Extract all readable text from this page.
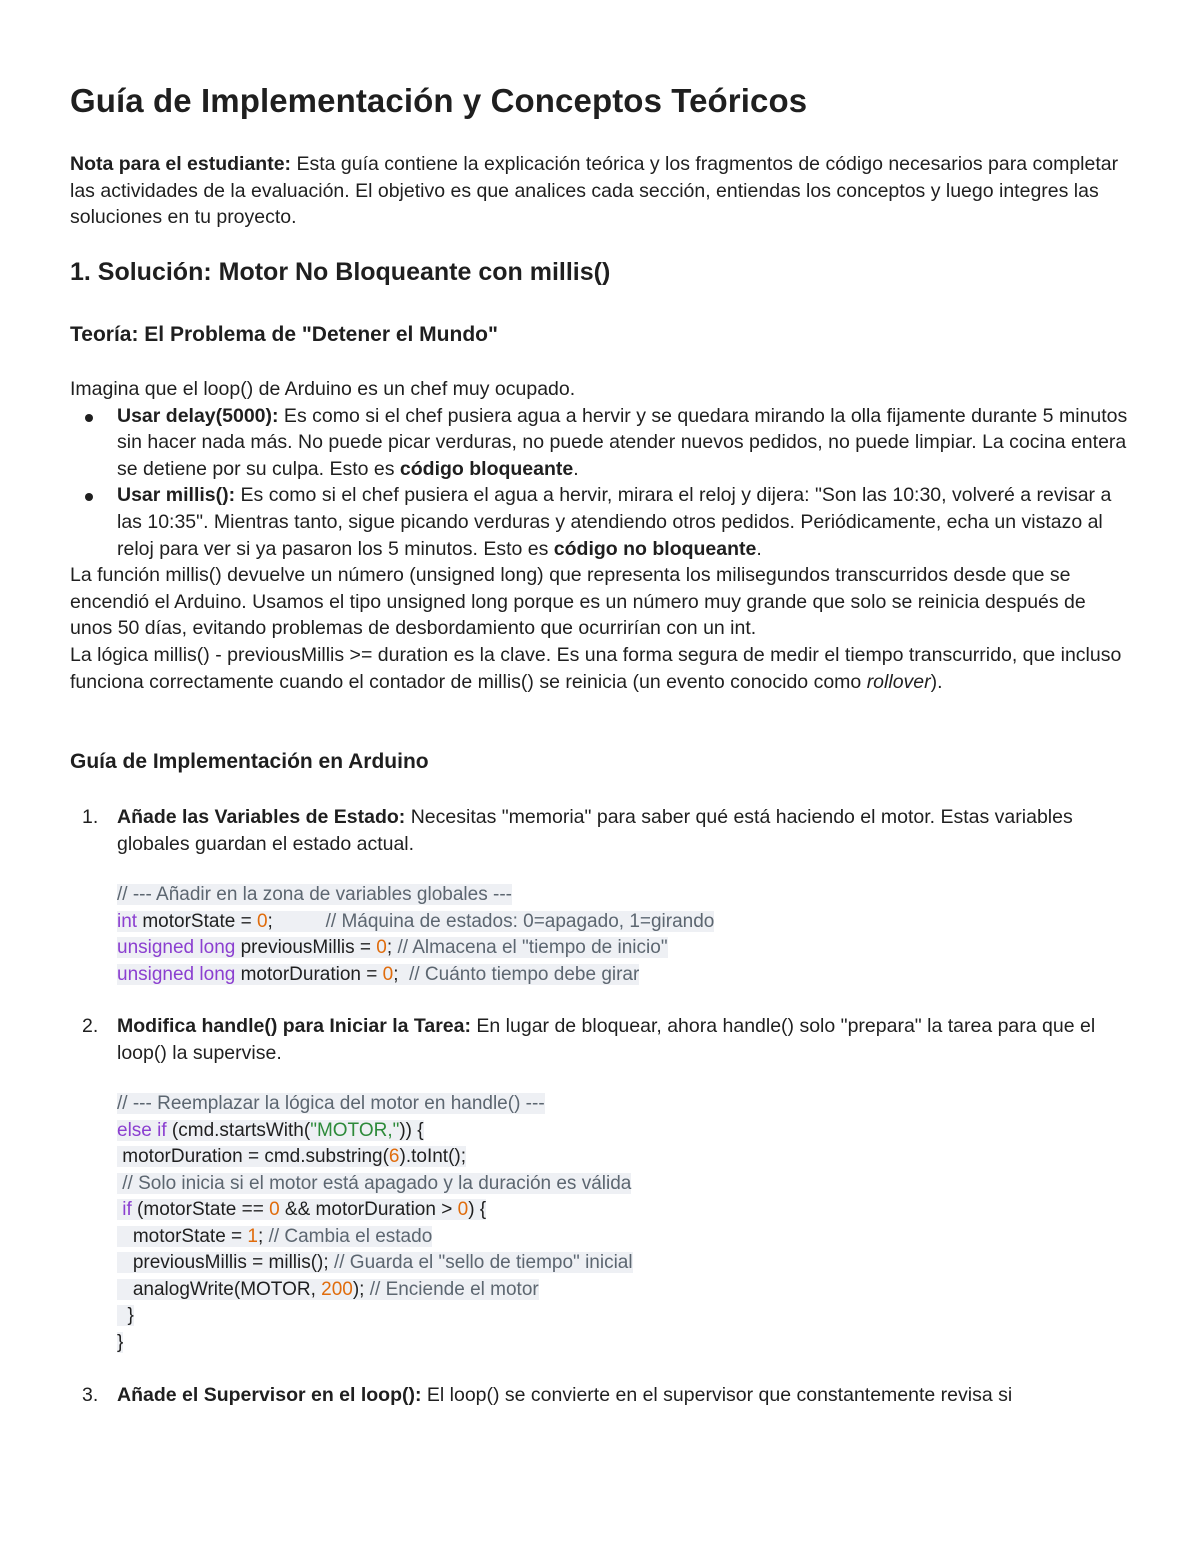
Guía de Implementación y Conceptos Teóricos

Nota para el estudiante: Esta guía contiene la explicación teórica y los fragmentos de código necesarios para completar las actividades de la evaluación. El objetivo es que analices cada sección, entiendas los conceptos y luego integres las soluciones en tu proyecto.

1. Solución: Motor No Bloqueante con millis()
Teoría: El Problema de "Detener el Mundo"

Imagina que el loop() de Arduino es un chef muy ocupado.

Usar delay(5000): Es como si el chef pusiera agua a hervir y se quedara mirando la olla fijamente durante 5 minutos sin hacer nada más. No puede picar verduras, no puede atender nuevos pedidos, no puede limpiar. La cocina entera se detiene por su culpa. Esto es código bloqueante.
Usar millis(): Es como si el chef pusiera el agua a hervir, mirara el reloj y dijera: "Son las 10:30, volveré a revisar a las 10:35". Mientras tanto, sigue picando verduras y atendiendo otros pedidos. Periódicamente, echa un vistazo al reloj para ver si ya pasaron los 5 minutos. Esto es código no bloqueante.

La función millis() devuelve un número (unsigned long) que representa los milisegundos transcurridos desde que se encendió el Arduino. Usamos el tipo unsigned long porque es un número muy grande que solo se reinicia después de unos 50 días, evitando problemas de desbordamiento que ocurrirían con un int.

La lógica millis() - previousMillis >= duration es la clave. Es una forma segura de medir el tiempo transcurrido, que incluso funciona correctamente cuando el contador de millis() se reinicia (un evento conocido como rollover).

Guía de Implementación en Arduino
1. Añade las Variables de Estado: Necesitas "memoria" para saber qué está haciendo el motor. Estas variables globales guardan el estado actual.

// --- Añadir en la zona de variables globales ---
int motorState = 0;          // Máquina de estados: 0=apagado, 1=girando
unsigned long previousMillis = 0; // Almacena el "tiempo de inicio"
unsigned long motorDuration = 0;  // Cuánto tiempo debe girar
2. Modifica handle() para Iniciar la Tarea: En lugar de bloquear, ahora handle() solo "prepara" la tarea para que el loop() la supervise.

// --- Reemplazar la lógica del motor en handle() ---
else if (cmd.startsWith("MOTOR,")) {
motorDuration = cmd.substring(6).toInt();
// Solo inicia si el motor está apagado y la duración es válida
if (motorState == 0 && motorDuration > 0) {
motorState = 1; // Cambia el estado
previousMillis = millis(); // Guarda el "sello de tiempo" inicial
analogWrite(MOTOR, 200); // Enciende el motor
}
}
3. Añade el Supervisor en el loop(): El loop() se convierte en el supervisor que constantemente revisa si
